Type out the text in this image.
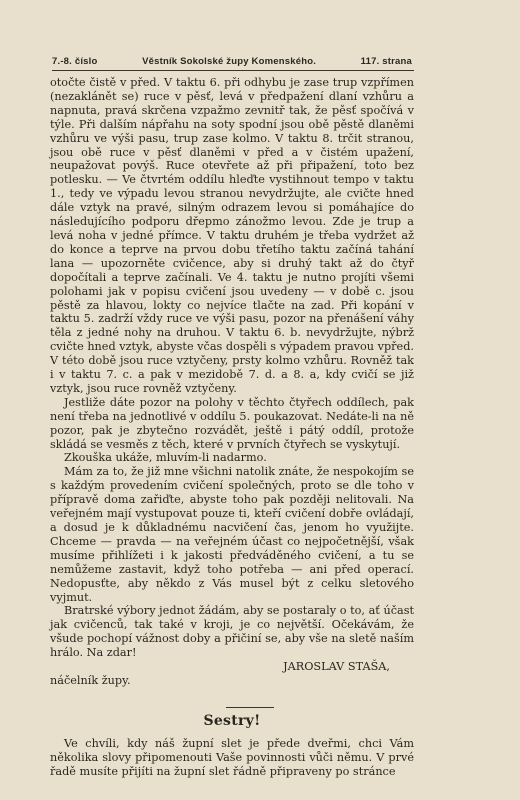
7.-8. číslo	Věstník Sokolské župy Komenského.	117. strana

otočte čistě v před. V taktu 6. při odhybu je zase trup vzpřímen (nezaklánět se) ruce v pěsť, levá v předpažení dlaní vzhůru a napnuta, pravá skrčena vzpažmo zevnitř tak, že pěsť spočívá v týle. Při dalším nápřahu na soty spodní jsou obě pěstě dlaněmi vzhůru ve výši pasu, trup zase kolmo. V taktu 8. trčit stranou, jsou obě ruce v pěsť dlaněmi v před a v čistém upažení, neupažovat povýš. Ruce otevřete až při připažení, toto bez potlesku. — Ve čtvrtém oddílu hleďte vystihnout tempo v taktu 1., tedy ve výpadu levou stranou nevydržujte, ale cvičte hned dále vztyk na pravé, silným odrazem levou si pomáhajíce do následujícího podporu dřepmo zánožmo levou. Zde je trup a levá noha v jedné přímce. V taktu druhém je třeba vydržet až do konce a teprve na prvou dobu třetího taktu začíná tahání lana — upozorněte cvičence, aby si druhý takt až do čtyř dopočítali a teprve začínali. Ve 4. taktu je nutno projíti všemi polohami jak v popisu cvičení jsou uvedeny — v době c. jsou pěstě za hlavou, lokty co nejvíce tlačte na zad. Při kopání v taktu 5. zadrží vždy ruce ve výši pasu, pozor na přenášení váhy těla z jedné nohy na druhou. V taktu 6. b. nevydržujte, nýbrž cvičte hned vztyk, abyste včas dospěli s výpadem pravou vpřed. V této době jsou ruce vztyčeny, prsty kolmo vzhůru. Rovněž tak i v taktu 7. c. a pak v mezidobě 7. d. a 8. a, kdy cvičí se již vztyk, jsou ruce rovněž vztyčeny.

Jestliže dáte pozor na polohy v těchto čtyřech oddílech, pak není třeba na jednotlivé v oddílu 5. poukazovat. Nedáte-li na ně pozor, pak je zbytečno rozvádět, ještě i pátý oddíl, protože skládá se vesměs z těch, které v prvních čtyřech se vyskytují.

Zkouška ukáže, mluvím-li nadarmo.

Mám za to, že již mne všichni natolik znáte, že nespokojím se s každým provedením cvičení společných, proto se dle toho v přípravě doma zařiďte, abyste toho pak později nelitovali. Na veřejném mají vystupovat pouze ti, kteří cvičení dobře ovládají, a dosud je k důkladnému nacvičení čas, jenom ho využijte. Chceme — pravda — na veřejném účast co nejpočetnější, však musíme přihlížeti i k jakosti předváděného cvičení, a tu se nemůžeme zastavit, když toho potřeba — ani před operací. Nedopusťte, aby někdo z Vás musel být z celku sletového vyjmut.

Bratrské výbory jednot žádám, aby se postaraly o to, ať účast jak cvičenců, tak také v kroji, je co největší. Očekávám, že všude pochopí vážnost doby a přičiní se, aby vše na sletě naším hrálo. Na zdar!

JAROSLAV STAŠA,

náčelník župy.

Sestry!

Ve chvíli, kdy náš župní slet je přede dveřmi, chci Vám několika slovy připomenouti Vaše povinnosti vůči němu. V prvé řadě musíte přijíti na župní slet řádně připraveny po stránce
